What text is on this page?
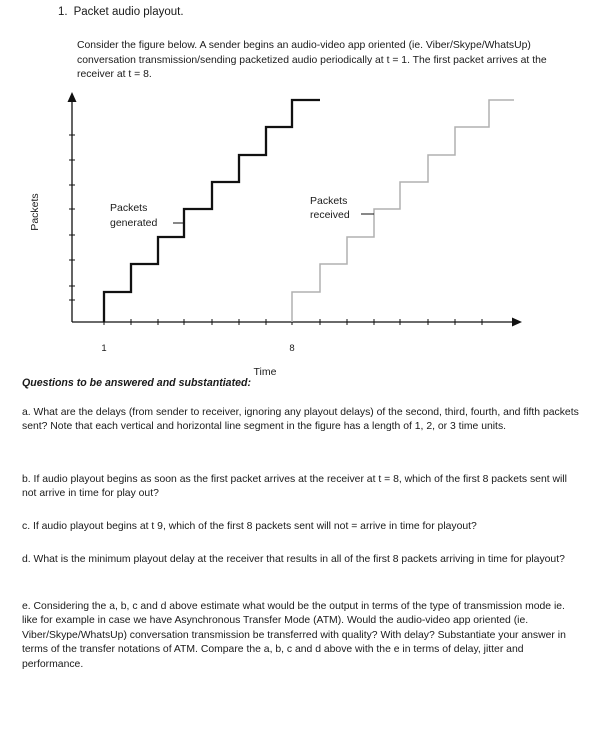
1. Packet audio playout.
Consider the figure below. A sender begins an audio-video app oriented (ie. Viber/Skype/WhatsUp) conversation transmission/sending packetized audio periodically at t = 1. The first packet arrives at the receiver at t = 8.
Packets
Time
1	8
Packets
generated
Packets
received
Questions to be answered and substantiated:
a. What are the delays (from sender to receiver, ignoring any playout delays) of the second, third, fourth, and fifth packets sent? Note that each vertical and horizontal line segment in the figure has a length of 1, 2, or 3 time units.
b. If audio playout begins as soon as the first packet arrives at the receiver at t = 8, which of the first 8 packets sent will not arrive in time for play out?
c. If audio playout begins at t 9, which of the first 8 packets sent will not = arrive in time for playout?
d. What is the minimum playout delay at the receiver that results in all of the first 8 packets arriving in time for playout?
e. Considering the a, b, c and d above estimate what would be the output in terms of the type of transmission mode ie. like for example in case we have Asynchronous Transfer Mode (ATM). Would the audio-video app oriented (ie. Viber/Skype/WhatsUp) conversation transmission be transferred with quality? With delay? Substantiate your answer in terms of the transfer notations of ATM. Compare the a, b, c and d above with the e in terms of delay, jitter and performance.
